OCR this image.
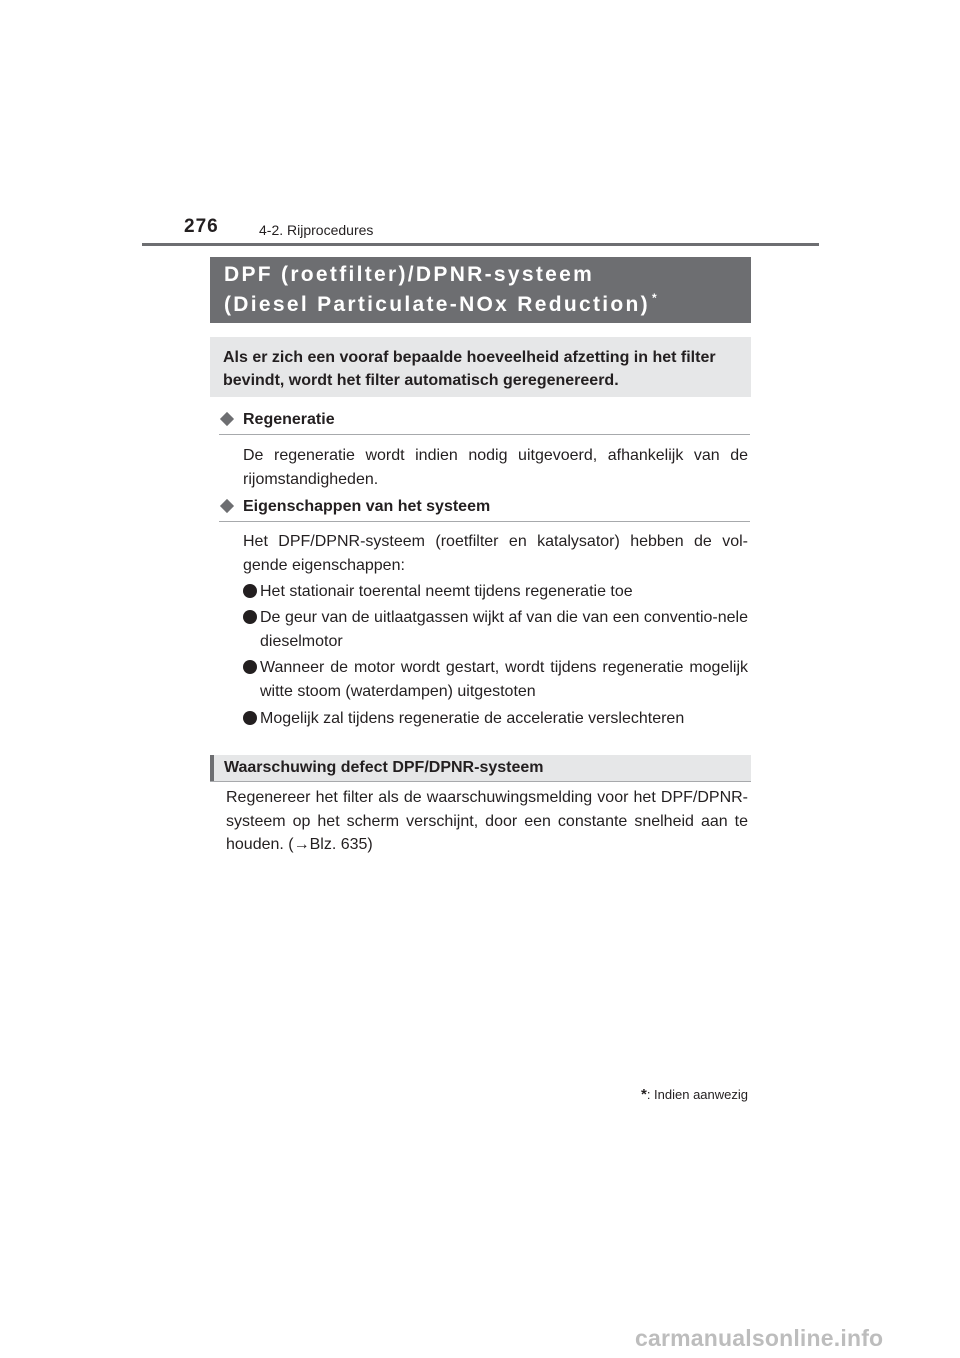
276	4-2. Rijprocedures
DPF (roetfilter)/DPNR-systeem
(Diesel Particulate-NOx Reduction) *
Als er zich een vooraf bepaalde hoeveelheid afzetting in het filter bevindt, wordt het filter automatisch geregenereerd.
Regeneratie
De regeneratie wordt indien nodig uitgevoerd, afhankelijk van de rijomstandigheden.
Eigenschappen van het systeem
Het DPF/DPNR-systeem (roetfilter en katalysator) hebben de vol-gende eigenschappen:
Het stationair toerental neemt tijdens regeneratie toe
De geur van de uitlaatgassen wijkt af van die van een conventio-nele dieselmotor
Wanneer de motor wordt gestart, wordt tijdens regeneratie mogelijk witte stoom (waterdampen) uitgestoten
Mogelijk zal tijdens regeneratie de acceleratie verslechteren
Waarschuwing defect DPF/DPNR-systeem
Regenereer het filter als de waarschuwingsmelding voor het DPF/DPNR-systeem op het scherm verschijnt, door een constante snelheid aan te houden. (→Blz. 635)
*: Indien aanwezig
carmanualsonline.info
